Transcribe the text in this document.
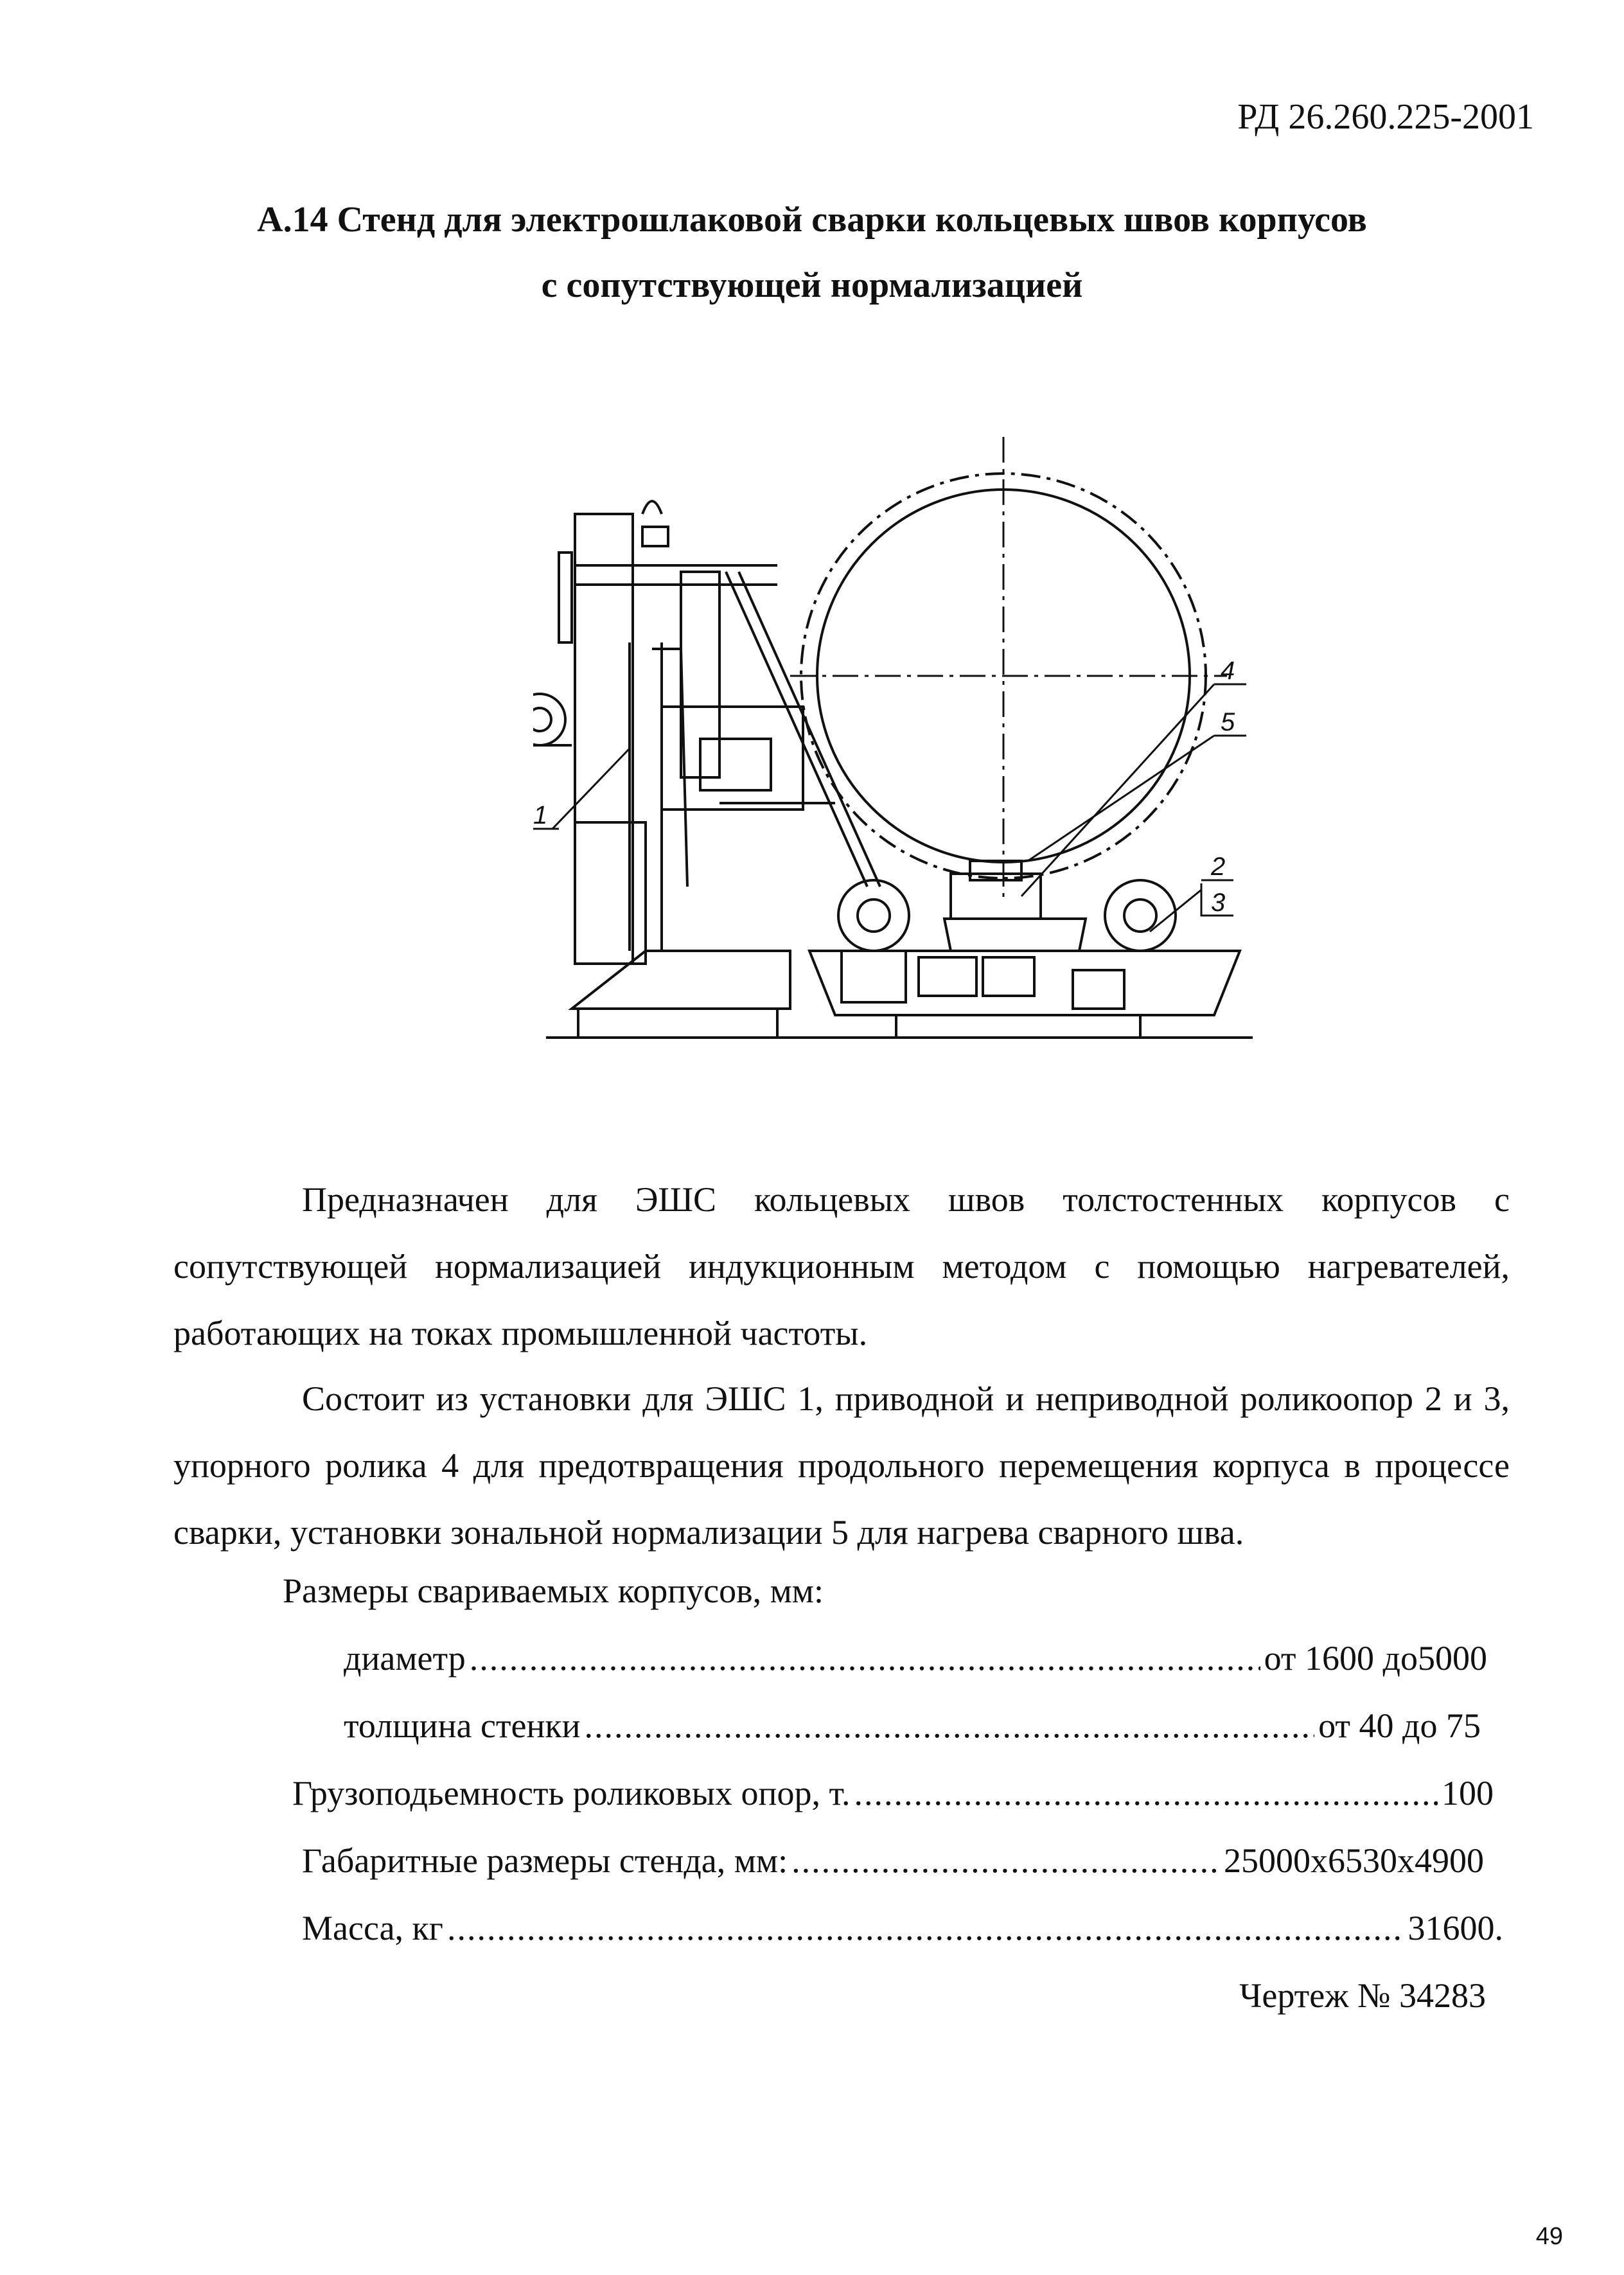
РД 26.260.225-2001
А.14 Стенд для электрошлаковой сварки кольцевых швов корпусов
с сопутствующей нормализацией
1
2
3
4
5

Предназначен для ЭШС кольцевых швов толстостенных корпусов с сопутствующей нормализацией индукционным методом с помощью нагревателей, работающих на токах промышленной частоты.

Состоит из установки для ЭШС 1, приводной и неприводной роликоопор 2 и 3, упорного ролика 4 для предотвращения продольного перемещения корпуса в процессе сварки, установки зональной нормализации 5 для нагрева сварного шва.

Размеры свариваемых корпусов, мм:
диаметр .....	от 1600 до5000
толщина стенки .....	от 40 до 75
Грузоподьемность роликовых опор, т. .....	100
Габаритные размеры стенда, мм: .....	25000х6530х4900
Масса, кг .....	31600.
Чертеж № 34283
49
